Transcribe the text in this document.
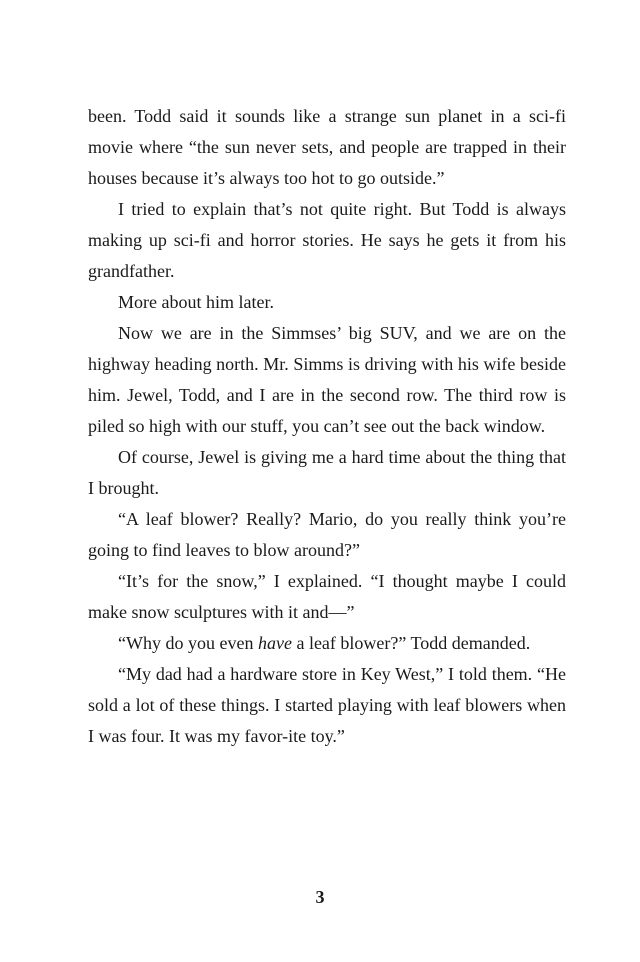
been. Todd said it sounds like a strange sun planet in a sci-fi movie where “the sun never sets, and people are trapped in their houses because it’s always too hot to go outside.”

I tried to explain that’s not quite right. But Todd is always making up sci-fi and horror stories. He says he gets it from his grandfather.

More about him later.

Now we are in the Simmses’ big SUV, and we are on the highway heading north. Mr. Simms is driving with his wife beside him. Jewel, Todd, and I are in the second row. The third row is piled so high with our stuff, you can’t see out the back window.

Of course, Jewel is giving me a hard time about the thing that I brought.

“A leaf blower? Really? Mario, do you really think you’re going to find leaves to blow around?”

“It’s for the snow,” I explained. “I thought maybe I could make snow sculptures with it and—”

“Why do you even have a leaf blower?” Todd demanded.

“My dad had a hardware store in Key West,” I told them. “He sold a lot of these things. I started playing with leaf blowers when I was four. It was my favor-ite toy.”

3
